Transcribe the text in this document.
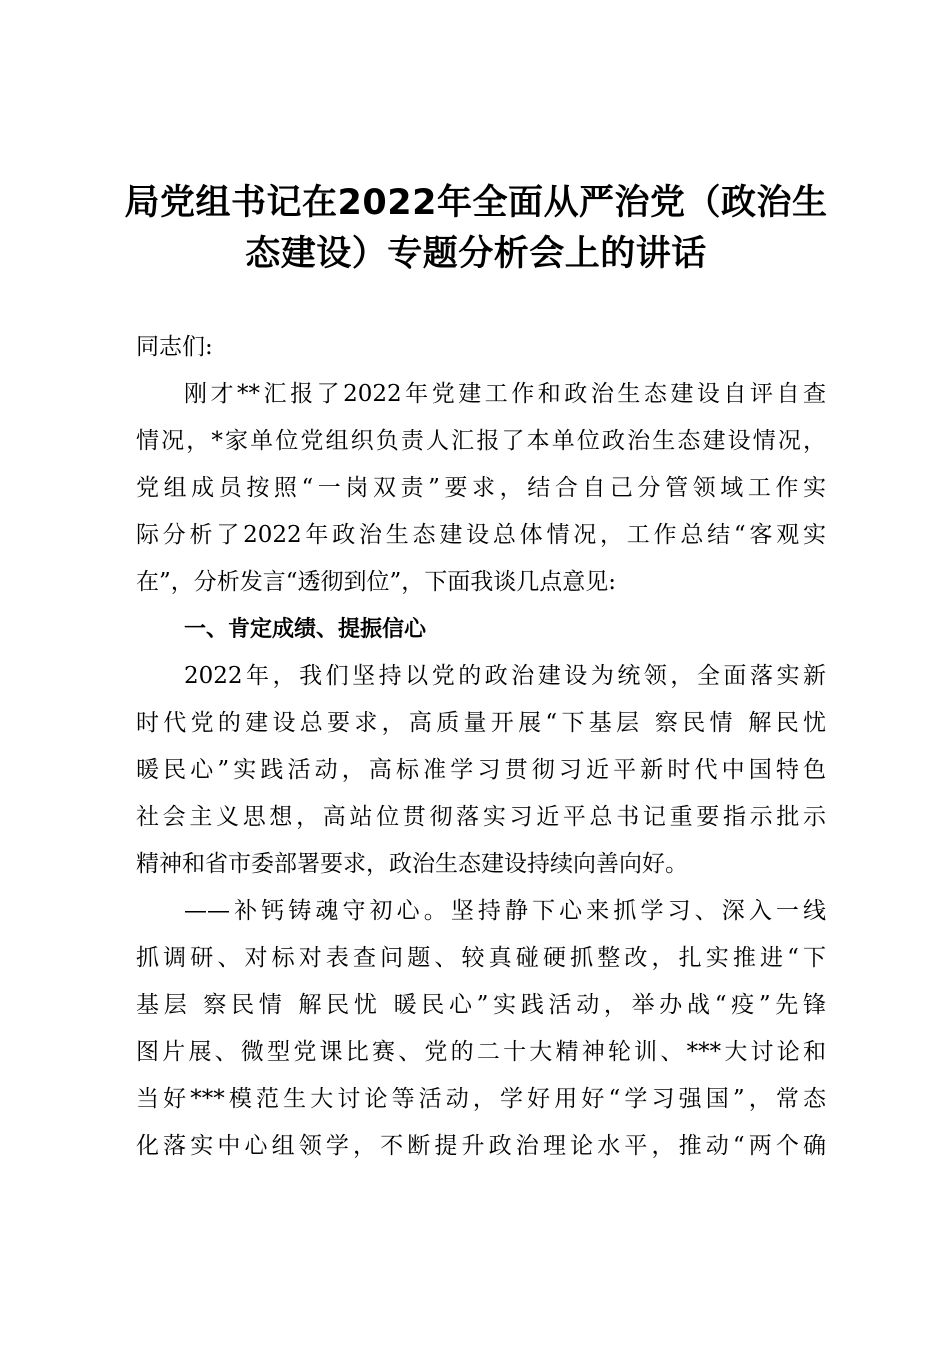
局党组书记在2022年全面从严治党（政治生
态建设）专题分析会上的讲话
同志们:
刚才**汇报了2022年党建工作和政治生态建设自评自查
情况，*家单位党组织负责人汇报了本单位政治生态建设情况，
党组成员按照“一岗双责”要求，结合自己分管领域工作实
际分析了2022年政治生态建设总体情况，工作总结“客观实
在”，分析发言“透彻到位”，下面我谈几点意见:
一、肯定成绩、提振信心
2022年，我们坚持以党的政治建设为统领，全面落实新
时代党的建设总要求，高质量开展“下基层 察民情 解民忧
暖民心”实践活动，高标准学习贯彻习近平新时代中国特色
社会主义思想，高站位贯彻落实习近平总书记重要指示批示
精神和省市委部署要求，政治生态建设持续向善向好。
——补钙铸魂守初心。坚持静下心来抓学习、深入一线
抓调研、对标对表查问题、较真碰硬抓整改，扎实推进“下
基层 察民情 解民忧 暖民心”实践活动，举办战“疫”先锋
图片展、微型党课比赛、党的二十大精神轮训、***大讨论和
当好***模范生大讨论等活动，学好用好“学习强国”，常态
化落实中心组领学，不断提升政治理论水平，推动“两个确
